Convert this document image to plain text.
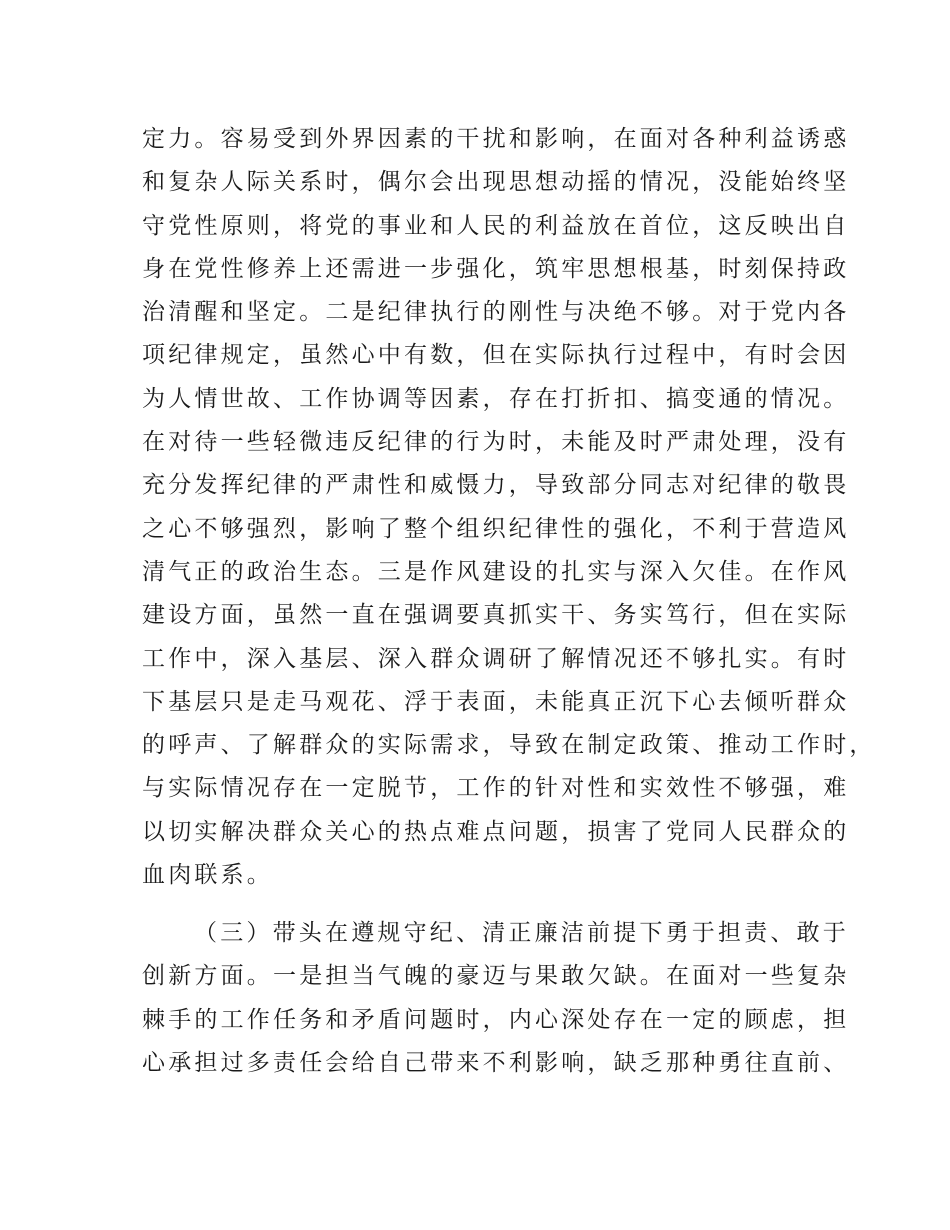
定力。容易受到外界因素的干扰和影响，在面对各种利益诱惑
和复杂人际关系时，偶尔会出现思想动摇的情况，没能始终坚
守党性原则，将党的事业和人民的利益放在首位，这反映出自
身在党性修养上还需进一步强化，筑牢思想根基，时刻保持政
治清醒和坚定。二是纪律执行的刚性与决绝不够。对于党内各
项纪律规定，虽然心中有数，但在实际执行过程中，有时会因
为人情世故、工作协调等因素，存在打折扣、搞变通的情况。
在对待一些轻微违反纪律的行为时，未能及时严肃处理，没有
充分发挥纪律的严肃性和威慑力，导致部分同志对纪律的敬畏
之心不够强烈，影响了整个组织纪律性的强化，不利于营造风
清气正的政治生态。三是作风建设的扎实与深入欠佳。在作风
建设方面，虽然一直在强调要真抓实干、务实笃行，但在实际
工作中，深入基层、深入群众调研了解情况还不够扎实。有时
下基层只是走马观花、浮于表面，未能真正沉下心去倾听群众
的呼声、了解群众的实际需求，导致在制定政策、推动工作时，
与实际情况存在一定脱节，工作的针对性和实效性不够强，难
以切实解决群众关心的热点难点问题，损害了党同人民群众的
血肉联系。
（三）带头在遵规守纪、清正廉洁前提下勇于担责、敢于
创新方面。一是担当气魄的豪迈与果敢欠缺。在面对一些复杂
棘手的工作任务和矛盾问题时，内心深处存在一定的顾虑，担
心承担过多责任会给自己带来不利影响，缺乏那种勇往直前、
